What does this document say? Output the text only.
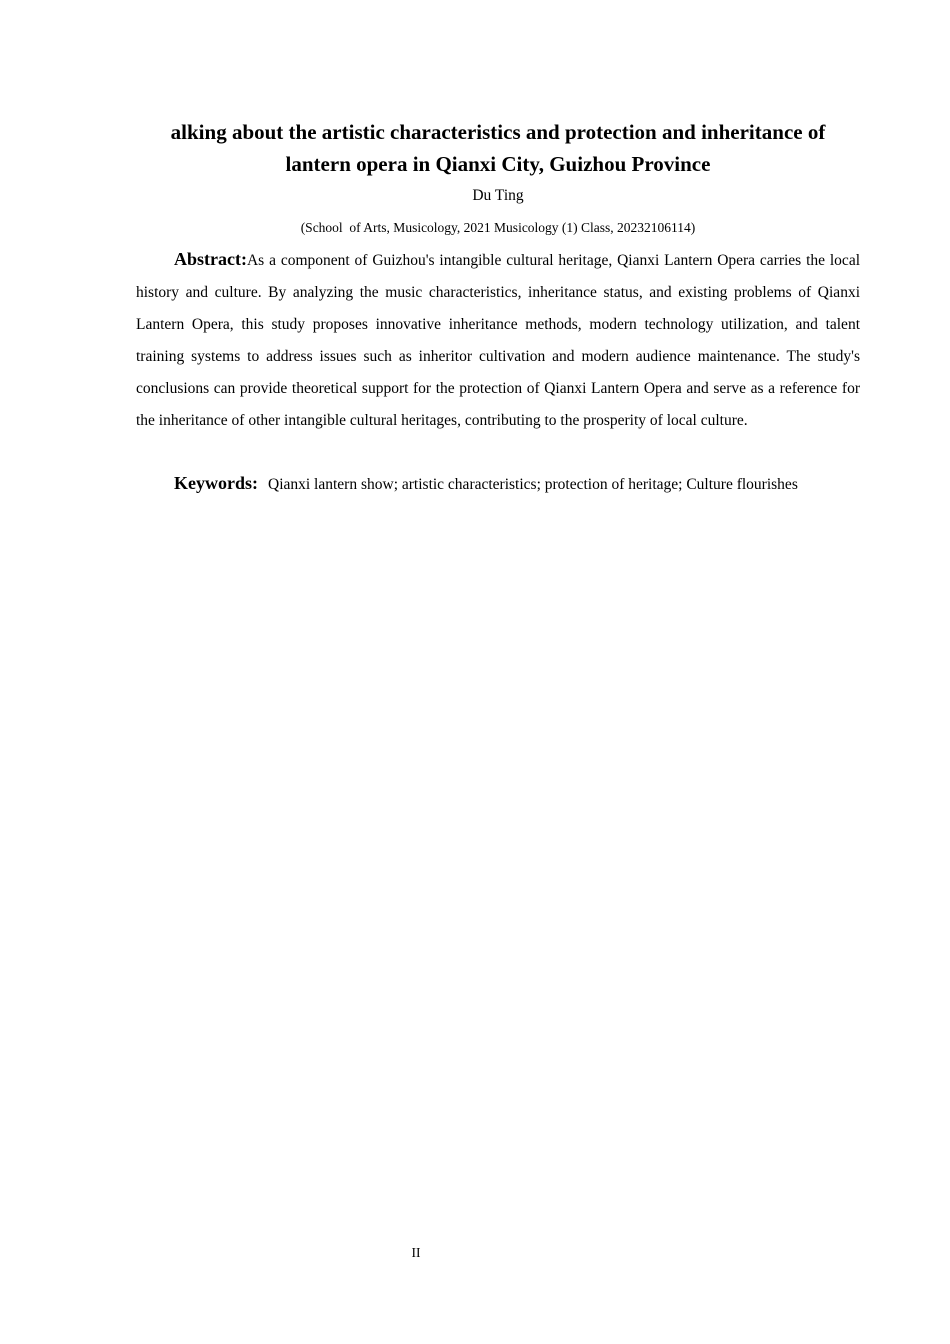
alking about the artistic characteristics and protection and inheritance of lantern opera in Qianxi City, Guizhou Province
Du Ting
(School  of Arts, Musicology, 2021 Musicology (1) Class, 20232106114)

Abstract:As a component of Guizhou's intangible cultural heritage, Qianxi Lantern Opera carries the local history and culture. By analyzing the music characteristics, inheritance status, and existing problems of Qianxi Lantern Opera, this study proposes innovative inheritance methods, modern technology utilization, and talent training systems to address issues such as inheritor cultivation and modern audience maintenance. The study's conclusions can provide theoretical support for the protection of Qianxi Lantern Opera and serve as a reference for the inheritance of other intangible cultural heritages, contributing to the prosperity of local culture.

Keywords: Qianxi lantern show; artistic characteristics; protection of heritage; Culture flourishes

II
